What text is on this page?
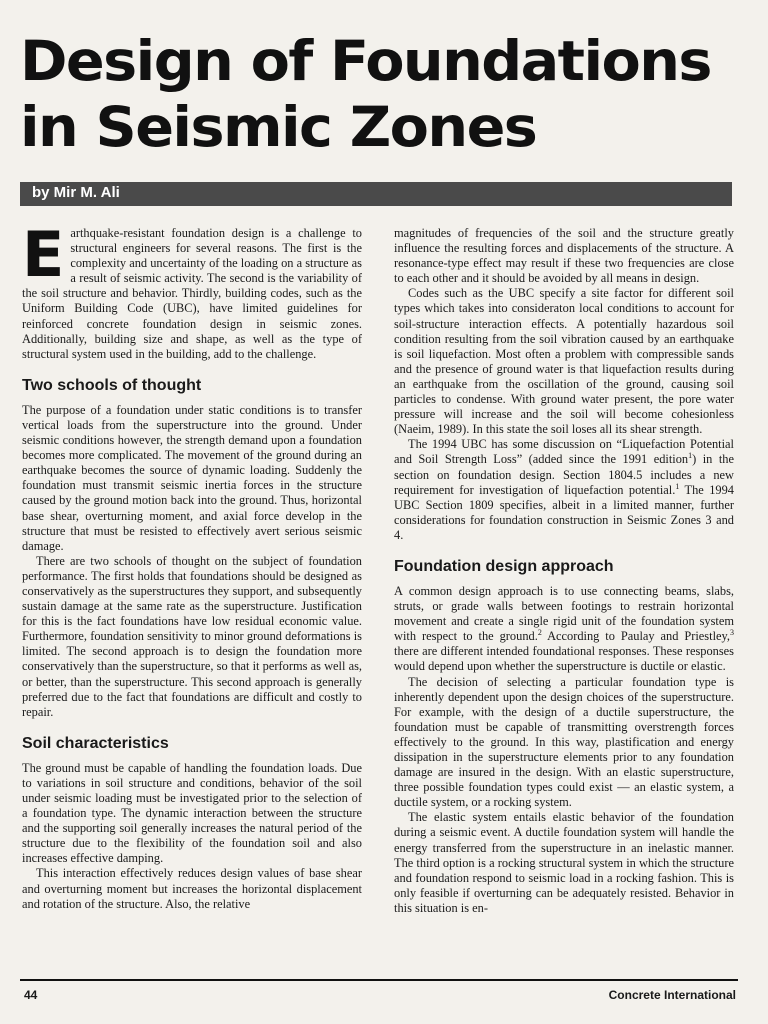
Design of Foundations
in Seismic Zones
by Mir M. Ali

Earthquake-resistant foundation design is a challenge to structural engineers for several reasons. The first is the complexity and uncertainty of the loading on a structure as a result of seismic activity. The second is the variability of the soil structure and behavior. Thirdly, building codes, such as the Uniform Building Code (UBC), have limited guidelines for reinforced concrete foundation design in seismic zones. Additionally, building size and shape, as well as the type of structural system used in the building, add to the challenge.

Two schools of thought

The purpose of a foundation under static conditions is to transfer vertical loads from the superstructure into the ground. Under seismic conditions however, the strength demand upon a foundation becomes more complicated. The movement of the ground during an earthquake becomes the source of dynamic loading. Suddenly the foundation must transmit seismic inertia forces in the structure caused by the ground motion back into the ground. Thus, horizontal base shear, overturning moment, and axial force develop in the structure that must be resisted to effectively avert serious seismic damage.

There are two schools of thought on the subject of foundation performance. The first holds that foundations should be designed as conservatively as the superstructures they support, and subsequently sustain damage at the same rate as the superstructure. Justification for this is the fact foundations have low residual economic value. Furthermore, foundation sensitivity to minor ground deformations is limited. The second approach is to design the foundation more conservatively than the superstructure, so that it performs as well as, or better, than the superstructure. This second approach is generally preferred due to the fact that foundations are difficult and costly to repair.

Soil characteristics

The ground must be capable of handling the foundation loads. Due to variations in soil structure and conditions, behavior of the soil under seismic loading must be investigated prior to the selection of a foundation type. The dynamic interaction between the structure and the supporting soil generally increases the natural period of the structure due to the flexibility of the foundation soil and also increases effective damping.

This interaction effectively reduces design values of base shear and overturning moment but increases the horizontal displacement and rotation of the structure. Also, the relative

magnitudes of frequencies of the soil and the structure greatly influence the resulting forces and displacements of the structure. A resonance-type effect may result if these two frequencies are close to each other and it should be avoided by all means in design.

Codes such as the UBC specify a site factor for different soil types which takes into consideraton local conditions to account for soil-structure interaction effects. A potentially hazardous soil condition resulting from the soil vibration caused by an earthquake is soil liquefaction. Most often a problem with compressible sands and the presence of ground water is that liquefaction results during an earthquake from the oscillation of the ground, causing soil particles to condense. With ground water present, the pore water pressure will increase and the soil will become cohesionless (Naeim, 1989). In this state the soil loses all its shear strength.

The 1994 UBC has some discussion on “Liquefaction Potential and Soil Strength Loss” (added since the 1991 edition$^1$) in the section on foundation design. Section 1804.5 includes a new requirement for investigation of liquefaction potential.$^1$ The 1994 UBC Section 1809 specifies, albeit in a limited manner, further considerations for foundation construction in Seismic Zones 3 and 4.

Foundation design approach

A common design approach is to use connecting beams, slabs, struts, or grade walls between footings to restrain horizontal movement and create a single rigid unit of the foundation system with respect to the ground.$^2$ According to Paulay and Priestley,$^3$ there are different intended foundational responses. These responses would depend upon whether the superstructure is ductile or elastic.

The decision of selecting a particular foundation type is inherently dependent upon the design choices of the superstructure. For example, with the design of a ductile superstructure, the foundation must be capable of transmitting overstrength forces effectively to the ground. In this way, plastification and energy dissipation in the superstructure elements prior to any foundation damage are insured in the design. With an elastic superstructure, three possible foundation types could exist — an elastic system, a ductile system, or a rocking system.

The elastic system entails elastic behavior of the foundation during a seismic event. A ductile foundation system will handle the energy transferred from the superstructure in an inelastic manner. The third option is a rocking structural system in which the structure and foundation respond to seismic load in a rocking fashion. This is only feasible if overturning can be adequately resisted. Behavior in this situation is en-

44	Concrete International
